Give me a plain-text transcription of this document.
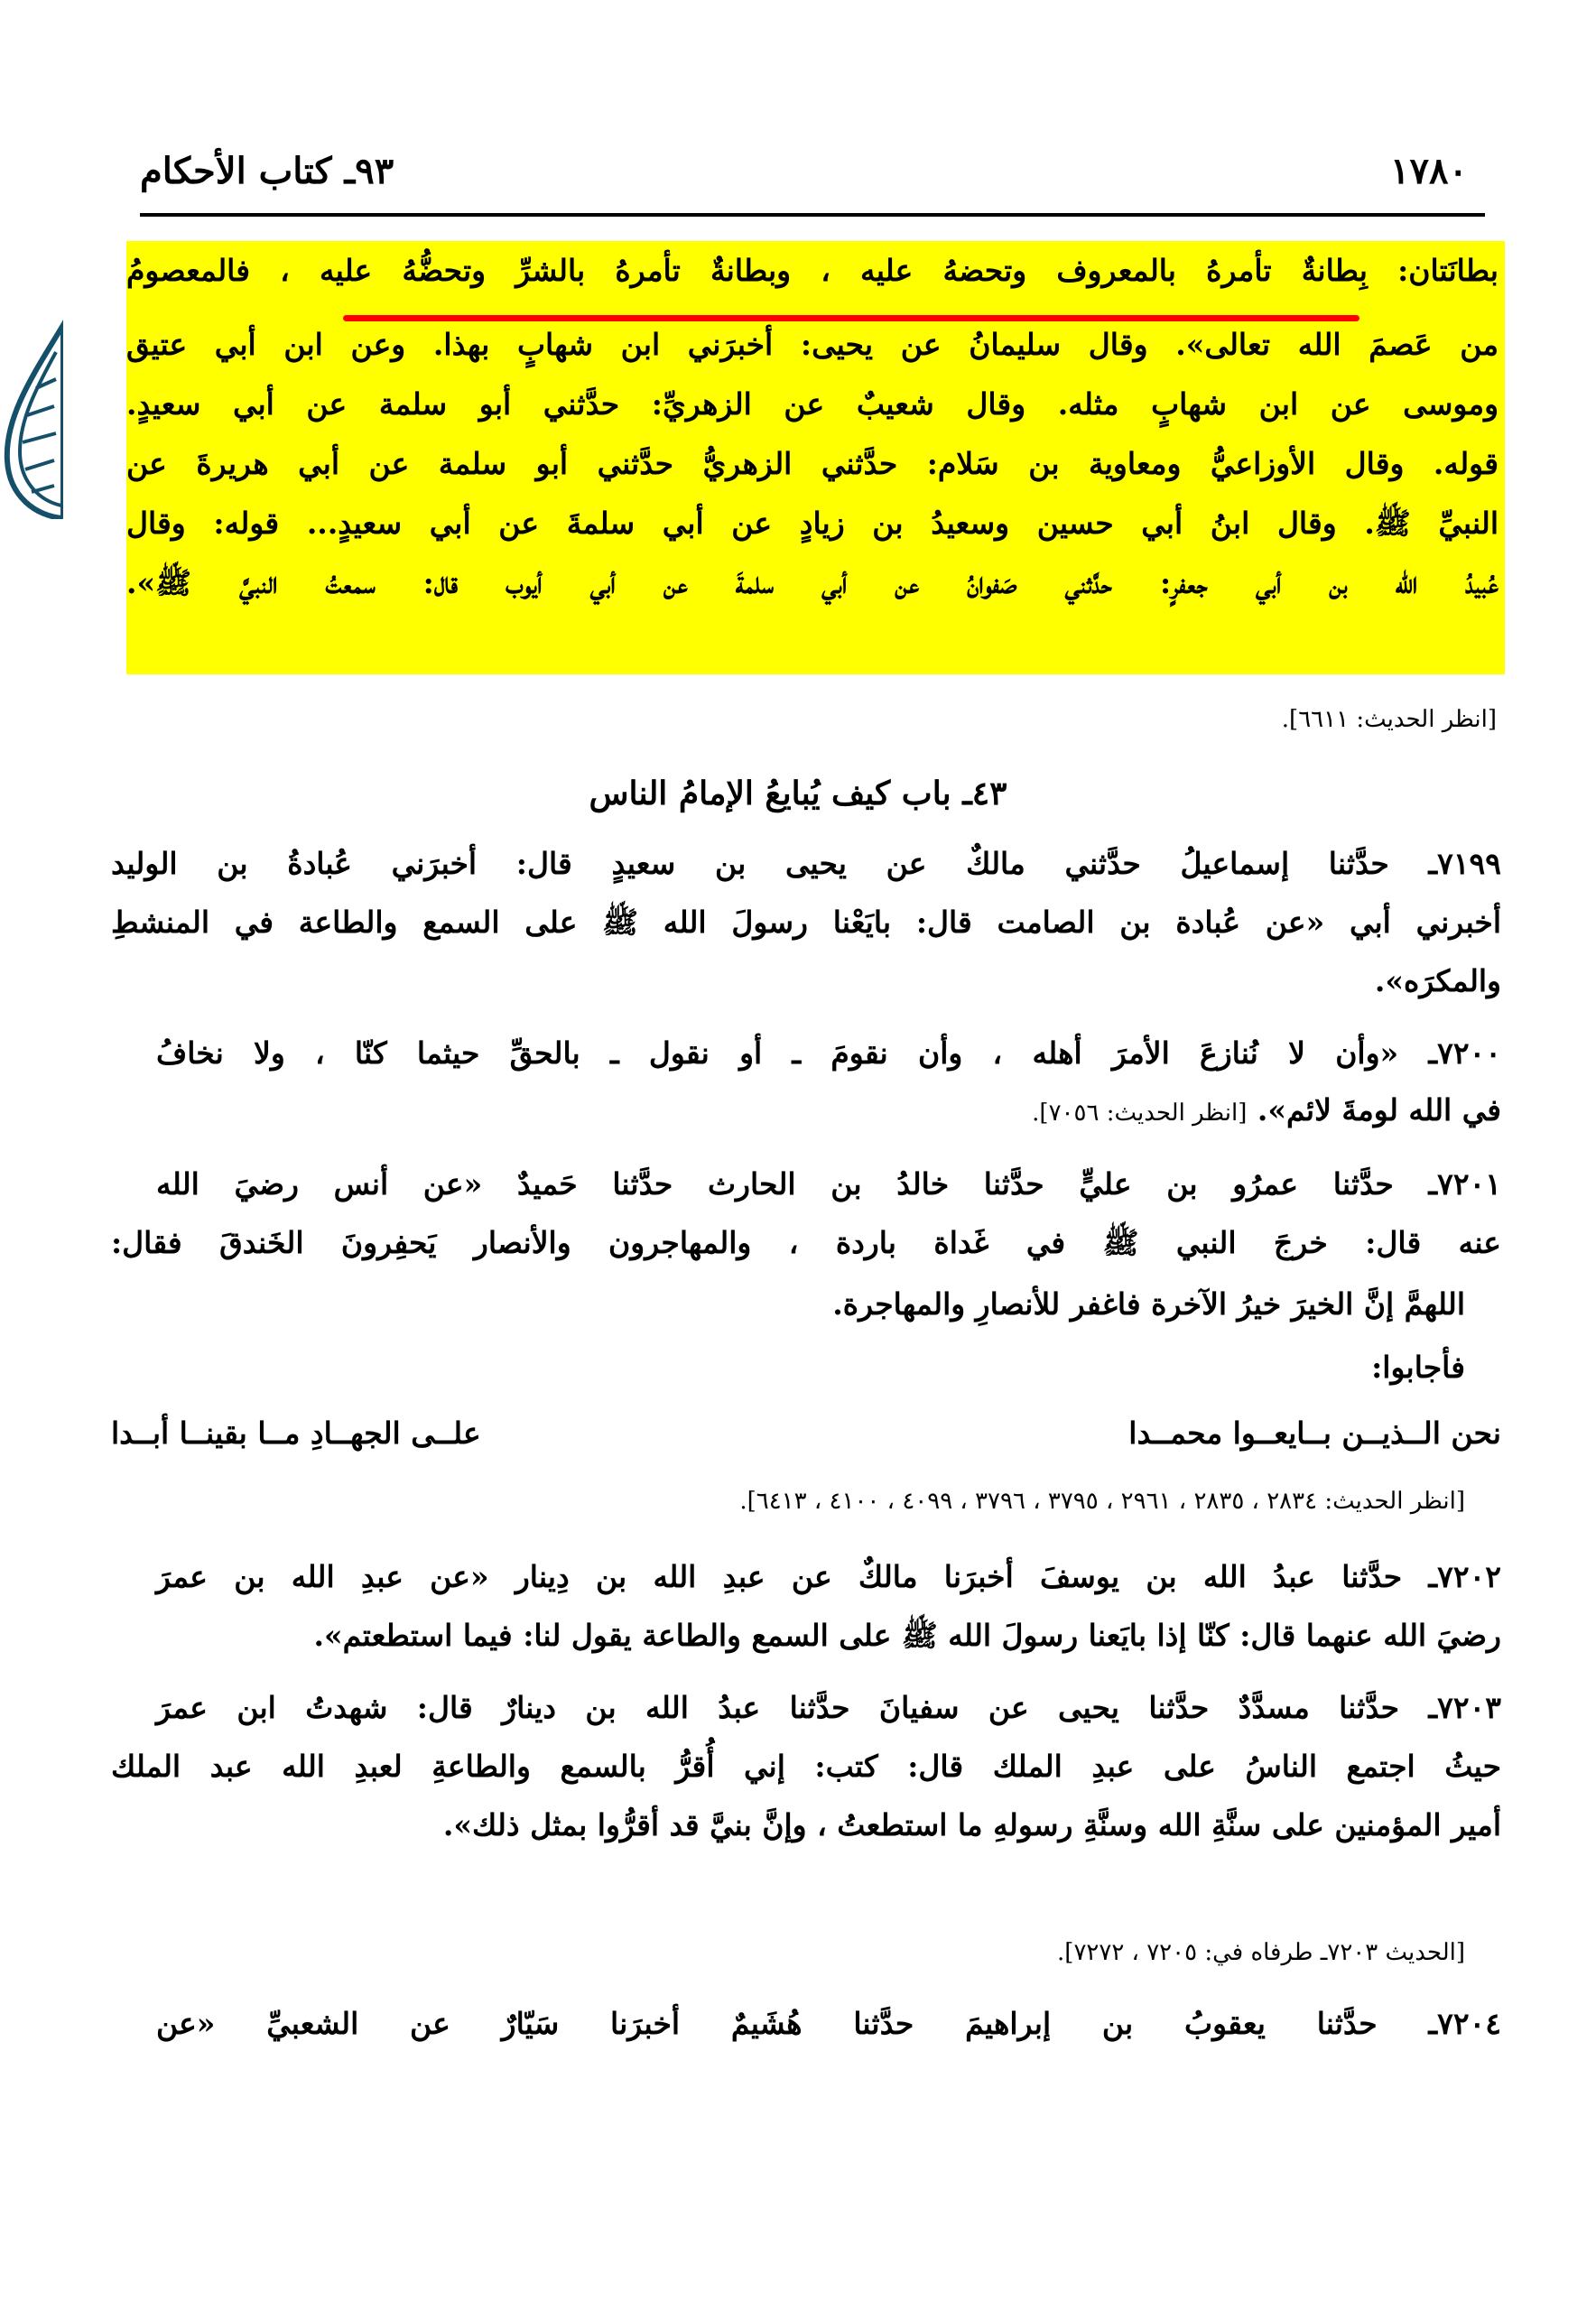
٩٣ـ كتاب الأحكام	١٧٨٠
بطانَتان: بِطانةٌ تأمرهُ بالمعروف وتحضهُ عليه ، وبطانةٌ تأمرهُ بالشرِّ وتحضُّهُ عليه ، فالمعصومُ
من عَصمَ الله تعالى». وقال سليمانُ عن يحيى: أخبرَني ابن شهابٍ بهذا. وعن ابن أبي عتيق
وموسى عن ابن شهابٍ مثله. وقال شعيبٌ عن الزهريِّ: حدَّثني أبو سلمة عن أبي سعيدٍ.
قوله. وقال الأوزاعيُّ ومعاوية بن سَلام: حدَّثني الزهريُّ حدَّثني أبو سلمة عن أبي هريرةَ عن
النبيِّ ﷺ. وقال ابنُ أبي حسين وسعيدُ بن زيادٍ عن أبي سلمةَ عن أبي سعيدٍ... قوله: وقال
عُبيدُ الله بن أبي جعفرٍ: حدَّثني صَفوانُ عن أبي سلمةَ عن أبي أيوب قال: سمعتُ النبيَّ ﷺ».
[انظر الحديث: ٦٦١١].
٤٣ـ باب كيف يُبايعُ الإمامُ الناس
٧١٩٩ـ حدَّثنا إسماعيلُ حدَّثني مالكٌ عن يحيى بن سعيدٍ قال: أخبرَني عُبادةُ بن الوليد
أخبرني أبي «عن عُبادة بن الصامت قال: بايَعْنا رسولَ الله ﷺ على السمع والطاعة في المنشطِ
والمكرَه».
٧٢٠٠ـ «وأن لا نُنازعَ الأمرَ أهله ، وأن نقومَ ـ أو نقول ـ بالحقِّ حيثما كنّا ، ولا نخافُ
في الله لومةَ لائم». [انظر الحديث: ٧٠٥٦].
٧٢٠١ـ حدَّثنا عمرُو بن عليٍّ حدَّثنا خالدُ بن الحارث حدَّثنا حَميدٌ «عن أنس رضيَ الله
عنه قال: خرجَ النبي ﷺ في غَداة باردة ، والمهاجرون والأنصار يَحفِرونَ الخَندقَ فقال:
اللهمَّ إنَّ الخيرَ خيرُ الآخرة فاغفر للأنصارِ والمهاجرة.
فأجابوا:
نحن الــذيــن بــايعــوا محمــدا
علــى الجهــادِ مــا بقينــا أبــدا
[انظر الحديث: ٢٨٣٤ ، ٢٨٣٥ ، ٢٩٦١ ، ٣٧٩٥ ، ٣٧٩٦ ، ٤٠٩٩ ، ٤١٠٠ ، ٦٤١٣].
٧٢٠٢ـ حدَّثنا عبدُ الله بن يوسفَ أخبرَنا مالكٌ عن عبدِ الله بن دِينار «عن عبدِ الله بن عمرَ
رضيَ الله عنهما قال: كنّا إذا بايَعنا رسولَ الله ﷺ على السمع والطاعة يقول لنا: فيما استطعتم».
٧٢٠٣ـ حدَّثنا مسدَّدٌ حدَّثنا يحيى عن سفيانَ حدَّثنا عبدُ الله بن دينارٌ قال: شهدتُ ابن عمرَ
حيثُ اجتمع الناسُ على عبدِ الملك قال: كتب: إني أُقرُّ بالسمع والطاعةِ لعبدِ الله عبد الملك
أمير المؤمنين على سنَّةِ الله وسنَّةِ رسولهِ ما استطعتُ ، وإنَّ بنيَّ قد أقرُّوا بمثل ذلك».
[الحديث ٧٢٠٣ـ طرفاه في: ٧٢٠٥ ، ٧٢٧٢].
٧٢٠٤ـ حدَّثنا يعقوبُ بن إبراهيمَ حدَّثنا هُشَيمٌ أخبرَنا سَيّارٌ عن الشعبيِّ «عن
